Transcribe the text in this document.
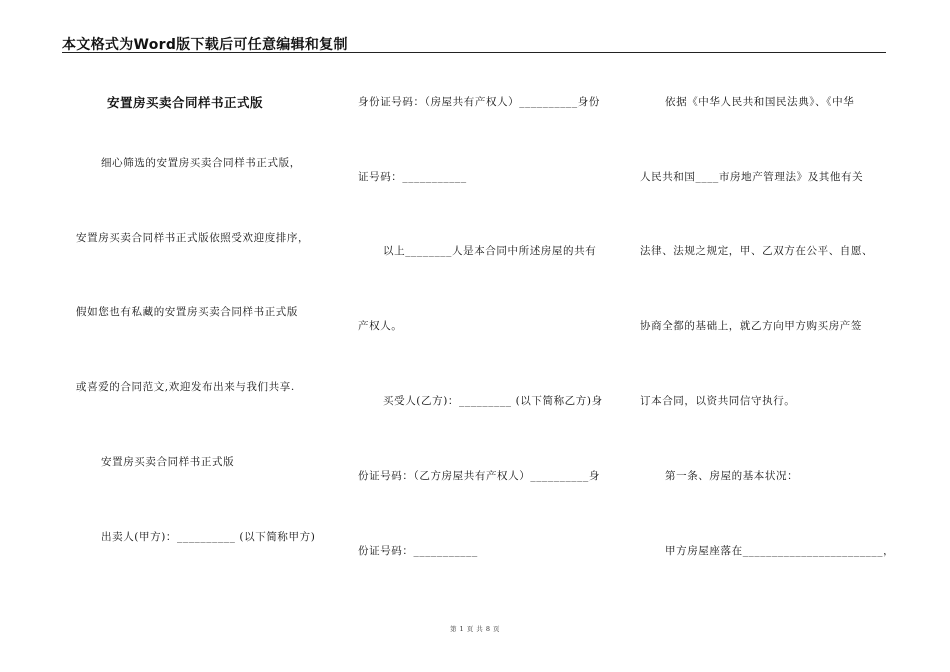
本文格式为Word版下载后可任意编辑和复制
安置房买卖合同样书正式版
细心筛选的安置房买卖合同样书正式版，
安置房买卖合同样书正式版依照受欢迎度排序，
假如您也有私藏的安置房买卖合同样书正式版
或喜爱的合同范文,欢迎发布出来与我们共享.
安置房买卖合同样书正式版
出卖人(甲方)：__________ (以下简称甲方)
身份证号码：（房屋共有产权人）__________身份
证号码：___________
以上________人是本合同中所述房屋的共有
产权人。
买受人(乙方)：_________ (以下简称乙方)身
份证号码：（乙方房屋共有产权人）__________身
份证号码：___________
依据《中华人民共和国民法典》、《中华
人民共和国____市房地产管理法》及其他有关
法律、法规之规定，甲、乙双方在公平、自愿、
协商全都的基础上，就乙方向甲方购买房产签
订本合同，以资共同信守执行。
第一条、房屋的基本状况：
甲方房屋座落在________________________，
第 1 页 共 8 页
